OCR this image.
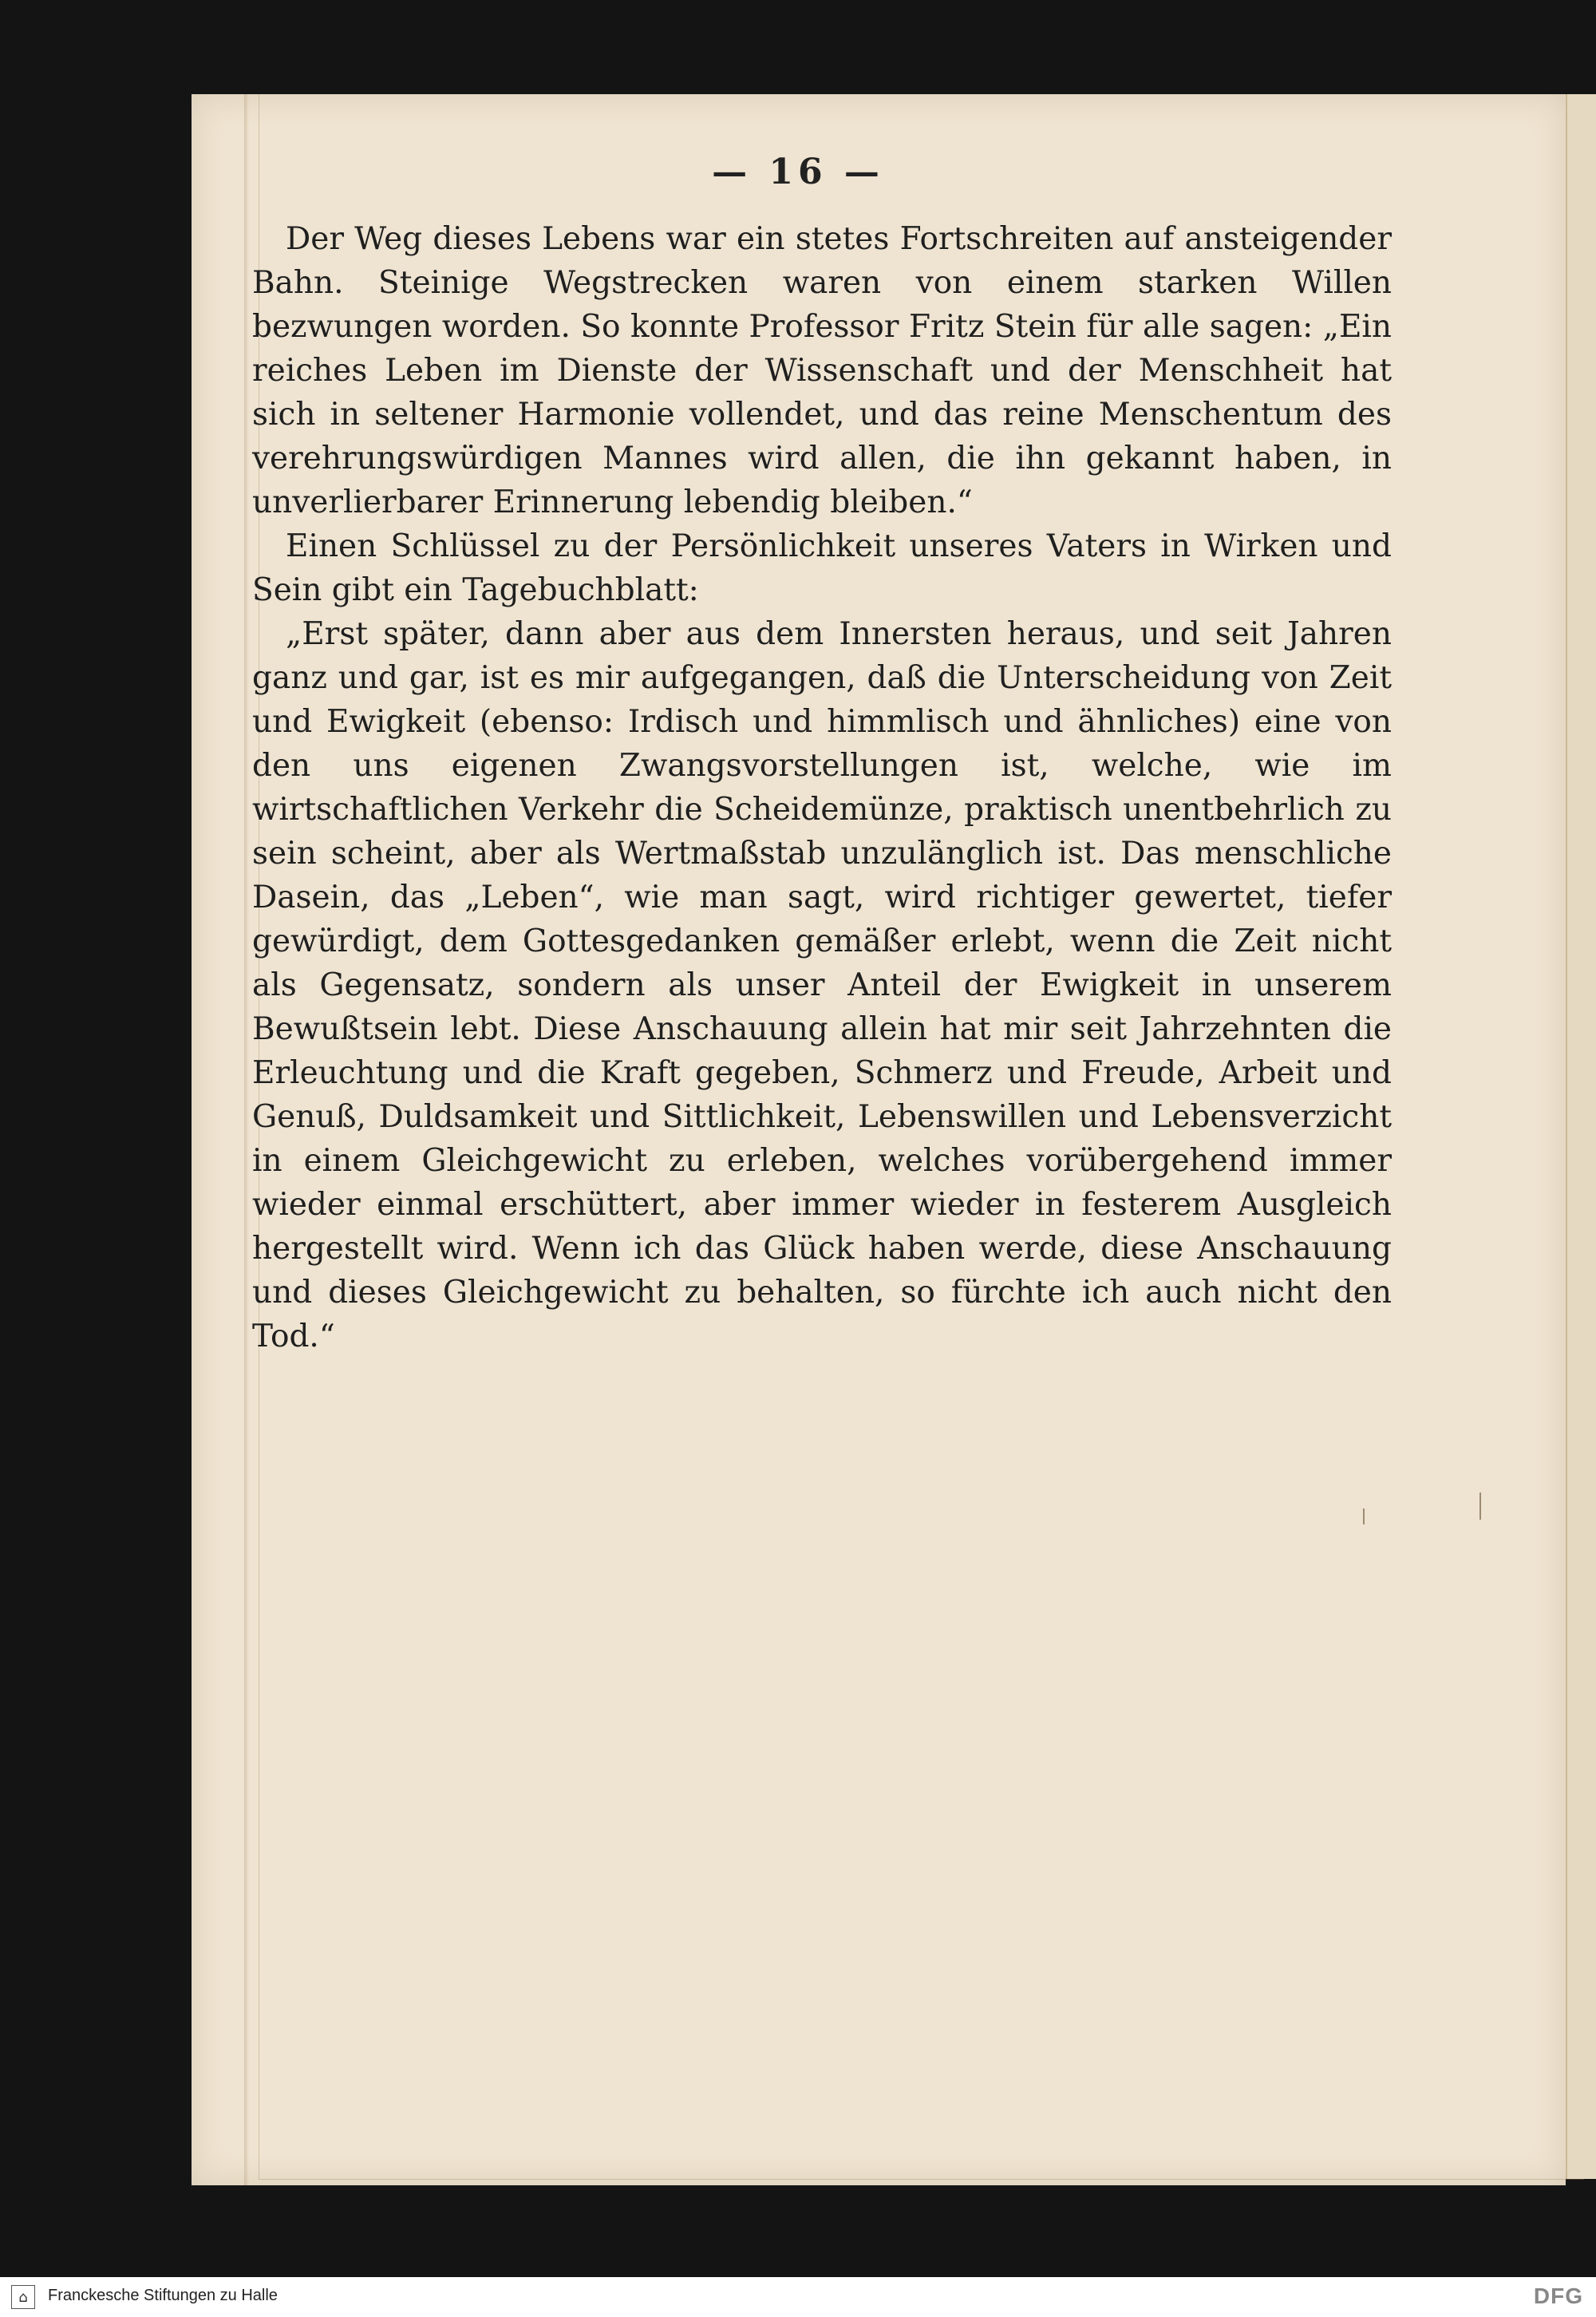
— 16 —

Der Weg dieses Lebens war ein stetes Fortschreiten auf ansteigender Bahn. Steinige Wegstrecken waren von einem starken Willen bezwungen worden. So konnte Professor Fritz Stein für alle sagen: „Ein reiches Leben im Dienste der Wissenschaft und der Menschheit hat sich in seltener Harmonie vollendet, und das reine Menschentum des verehrungswürdigen Mannes wird allen, die ihn gekannt haben, in unverlierbarer Erinnerung lebendig bleiben.“

Einen Schlüssel zu der Persönlichkeit unseres Vaters in Wirken und Sein gibt ein Tagebuchblatt:

„Erst später, dann aber aus dem Innersten heraus, und seit Jahren ganz und gar, ist es mir aufgegangen, daß die Unterscheidung von Zeit und Ewigkeit (ebenso: Irdisch und himmlisch und ähnliches) eine von den uns eigenen Zwangsvorstellungen ist, welche, wie im wirtschaftlichen Verkehr die Scheidemünze, praktisch unentbehrlich zu sein scheint, aber als Wertmaßstab unzulänglich ist. Das menschliche Dasein, das „Leben“, wie man sagt, wird richtiger gewertet, tiefer gewürdigt, dem Gottesgedanken gemäßer erlebt, wenn die Zeit nicht als Gegensatz, sondern als unser Anteil der Ewigkeit in unserem Bewußtsein lebt. Diese Anschauung allein hat mir seit Jahrzehnten die Erleuchtung und die Kraft gegeben, Schmerz und Freude, Arbeit und Genuß, Duldsamkeit und Sittlichkeit, Lebenswillen und Lebensverzicht in einem Gleichgewicht zu erleben, welches vorübergehend immer wieder einmal erschüttert, aber immer wieder in festerem Ausgleich hergestellt wird. Wenn ich das Glück haben werde, diese Anschauung und dieses Gleichgewicht zu behalten, so fürchte ich auch nicht den Tod.“

⌂	Franckesche Stiftungen zu Halle	DFG
